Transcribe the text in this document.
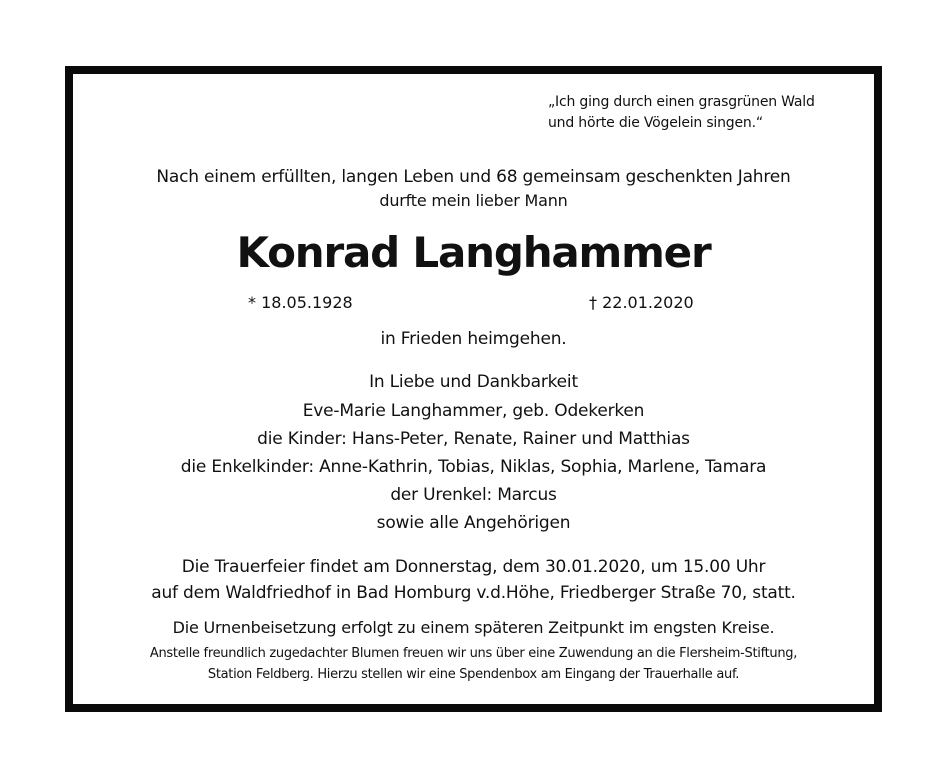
„Ich ging durch einen grasgrünen Wald
und hörte die Vögelein singen.“
Nach einem erfüllten, langen Leben und 68 gemeinsam geschenkten Jahren
durfte mein lieber Mann
Konrad Langhammer
* 18.05.1928	† 22.01.2020
in Frieden heimgehen.
In Liebe und Dankbarkeit
Eve-Marie Langhammer, geb. Odekerken
die Kinder: Hans-Peter, Renate, Rainer und Matthias
die Enkelkinder: Anne-Kathrin, Tobias, Niklas, Sophia, Marlene, Tamara
der Urenkel: Marcus
sowie alle Angehörigen
Die Trauerfeier findet am Donnerstag, dem 30.01.2020, um 15.00 Uhr
auf dem Waldfriedhof in Bad Homburg v.d.Höhe, Friedberger Straße 70, statt.
Die Urnenbeisetzung erfolgt zu einem späteren Zeitpunkt im engsten Kreise.
Anstelle freundlich zugedachter Blumen freuen wir uns über eine Zuwendung an die Flersheim-Stiftung,
Station Feldberg. Hierzu stellen wir eine Spendenbox am Eingang der Trauerhalle auf.
